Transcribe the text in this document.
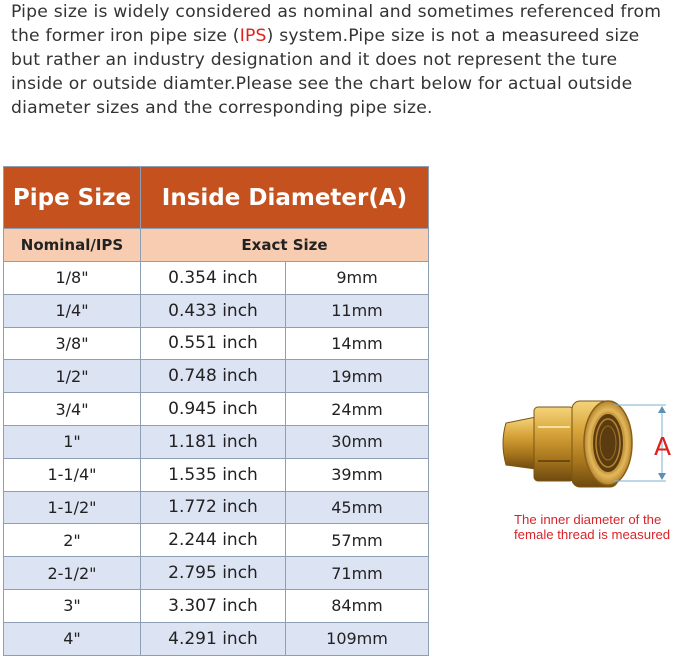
Pipe size is widely considered as nominal and sometimes referenced from the former iron pipe size (IPS) system.Pipe size is not a measureed size but rather an industry designation and it does not represent the ture inside or outside diamter.Please see the chart below for actual outside diameter sizes and the corresponding pipe size.
Pipe Size	Inside Diameter(A)	
Nominal/IPS	Exact Size	
1/8"	0.354 inch	9mm
1/4"	0.433 inch	11mm
3/8"	0.551 inch	14mm
1/2"	0.748 inch	19mm
3/4"	0.945 inch	24mm
1"	1.181 inch	30mm
1-1/4"	1.535 inch	39mm
1-1/2"	1.772 inch	45mm
2"	2.244 inch	57mm
2-1/2"	2.795 inch	71mm
3"	3.307 inch	84mm
4"	4.291 inch	109mm
A
The inner diameter of the female thread is measured
